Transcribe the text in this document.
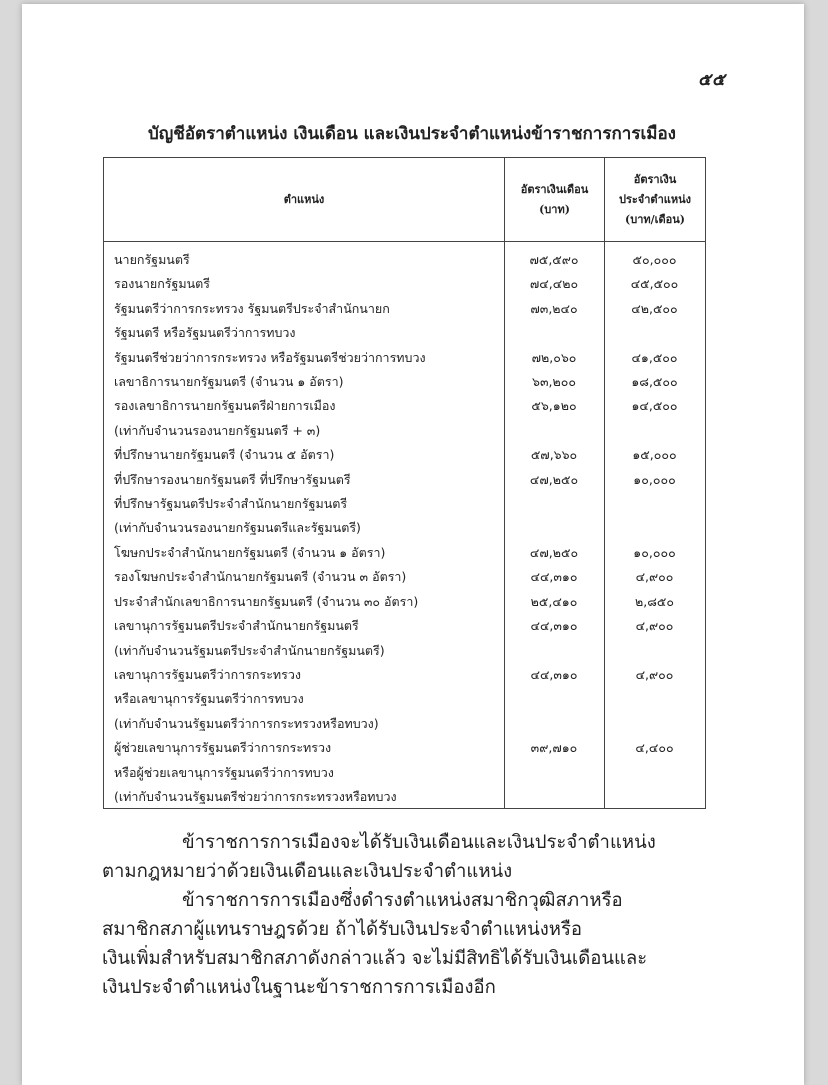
๕๕
บัญชีอัตราตำแหน่ง เงินเดือน และเงินประจำตำแหน่งข้าราชการการเมือง
ตำแหน่ง
อัตราเงินเดือน
(บาท)
อัตราเงิน
ประจำตำแหน่ง
(บาท/เดือน)
นายกรัฐมนตรี	๗๕,๕๙๐	๕๐,๐๐๐
รองนายกรัฐมนตรี	๗๔,๔๒๐	๔๕,๕๐๐
รัฐมนตรีว่าการกระทรวง รัฐมนตรีประจำสำนักนายก	๗๓,๒๔๐	๔๒,๕๐๐
รัฐมนตรี หรือรัฐมนตรีว่าการทบวง
รัฐมนตรีช่วยว่าการกระทรวง หรือรัฐมนตรีช่วยว่าการทบวง	๗๒,๐๖๐	๔๑,๕๐๐
เลขาธิการนายกรัฐมนตรี (จำนวน ๑ อัตรา)	๖๓,๒๐๐	๑๘,๕๐๐
รองเลขาธิการนายกรัฐมนตรีฝ่ายการเมือง	๕๖,๑๒๐	๑๔,๕๐๐
(เท่ากับจำนวนรองนายกรัฐมนตรี + ๓)
ที่ปรึกษานายกรัฐมนตรี (จำนวน ๕ อัตรา)	๕๗,๖๖๐	๑๕,๐๐๐
ที่ปรึกษารองนายกรัฐมนตรี ที่ปรึกษารัฐมนตรี	๔๗,๒๕๐	๑๐,๐๐๐
ที่ปรึกษารัฐมนตรีประจำสำนักนายกรัฐมนตรี
(เท่ากับจำนวนรองนายกรัฐมนตรีและรัฐมนตรี)
โฆษกประจำสำนักนายกรัฐมนตรี (จำนวน ๑ อัตรา)	๔๗,๒๕๐	๑๐,๐๐๐
รองโฆษกประจำสำนักนายกรัฐมนตรี (จำนวน ๓ อัตรา)	๔๔,๓๑๐	๔,๙๐๐
ประจำสำนักเลขาธิการนายกรัฐมนตรี (จำนวน ๓๐ อัตรา)	๒๕,๔๑๐	๒,๘๕๐
เลขานุการรัฐมนตรีประจำสำนักนายกรัฐมนตรี	๔๔,๓๑๐	๔,๙๐๐
(เท่ากับจำนวนรัฐมนตรีประจำสำนักนายกรัฐมนตรี)
เลขานุการรัฐมนตรีว่าการกระทรวง	๔๔,๓๑๐	๔,๙๐๐
หรือเลขานุการรัฐมนตรีว่าการทบวง
(เท่ากับจำนวนรัฐมนตรีว่าการกระทรวงหรือทบวง)
ผู้ช่วยเลขานุการรัฐมนตรีว่าการกระทรวง	๓๙,๗๑๐	๔,๔๐๐
หรือผู้ช่วยเลขานุการรัฐมนตรีว่าการทบวง
(เท่ากับจำนวนรัฐมนตรีช่วยว่าการกระทรวงหรือทบวง

ข้าราชการการเมืองจะได้รับเงินเดือนและเงินประจำตำแหน่ง
ตามกฎหมายว่าด้วยเงินเดือนและเงินประจำตำแหน่ง

ข้าราชการการเมืองซึ่งดำรงตำแหน่งสมาชิกวุฒิสภาหรือ
สมาชิกสภาผู้แทนราษฎรด้วย ถ้าได้รับเงินประจำตำแหน่งหรือ
เงินเพิ่มสำหรับสมาชิกสภาดังกล่าวแล้ว จะไม่มีสิทธิได้รับเงินเดือนและ
เงินประจำตำแหน่งในฐานะข้าราชการการเมืองอีก
